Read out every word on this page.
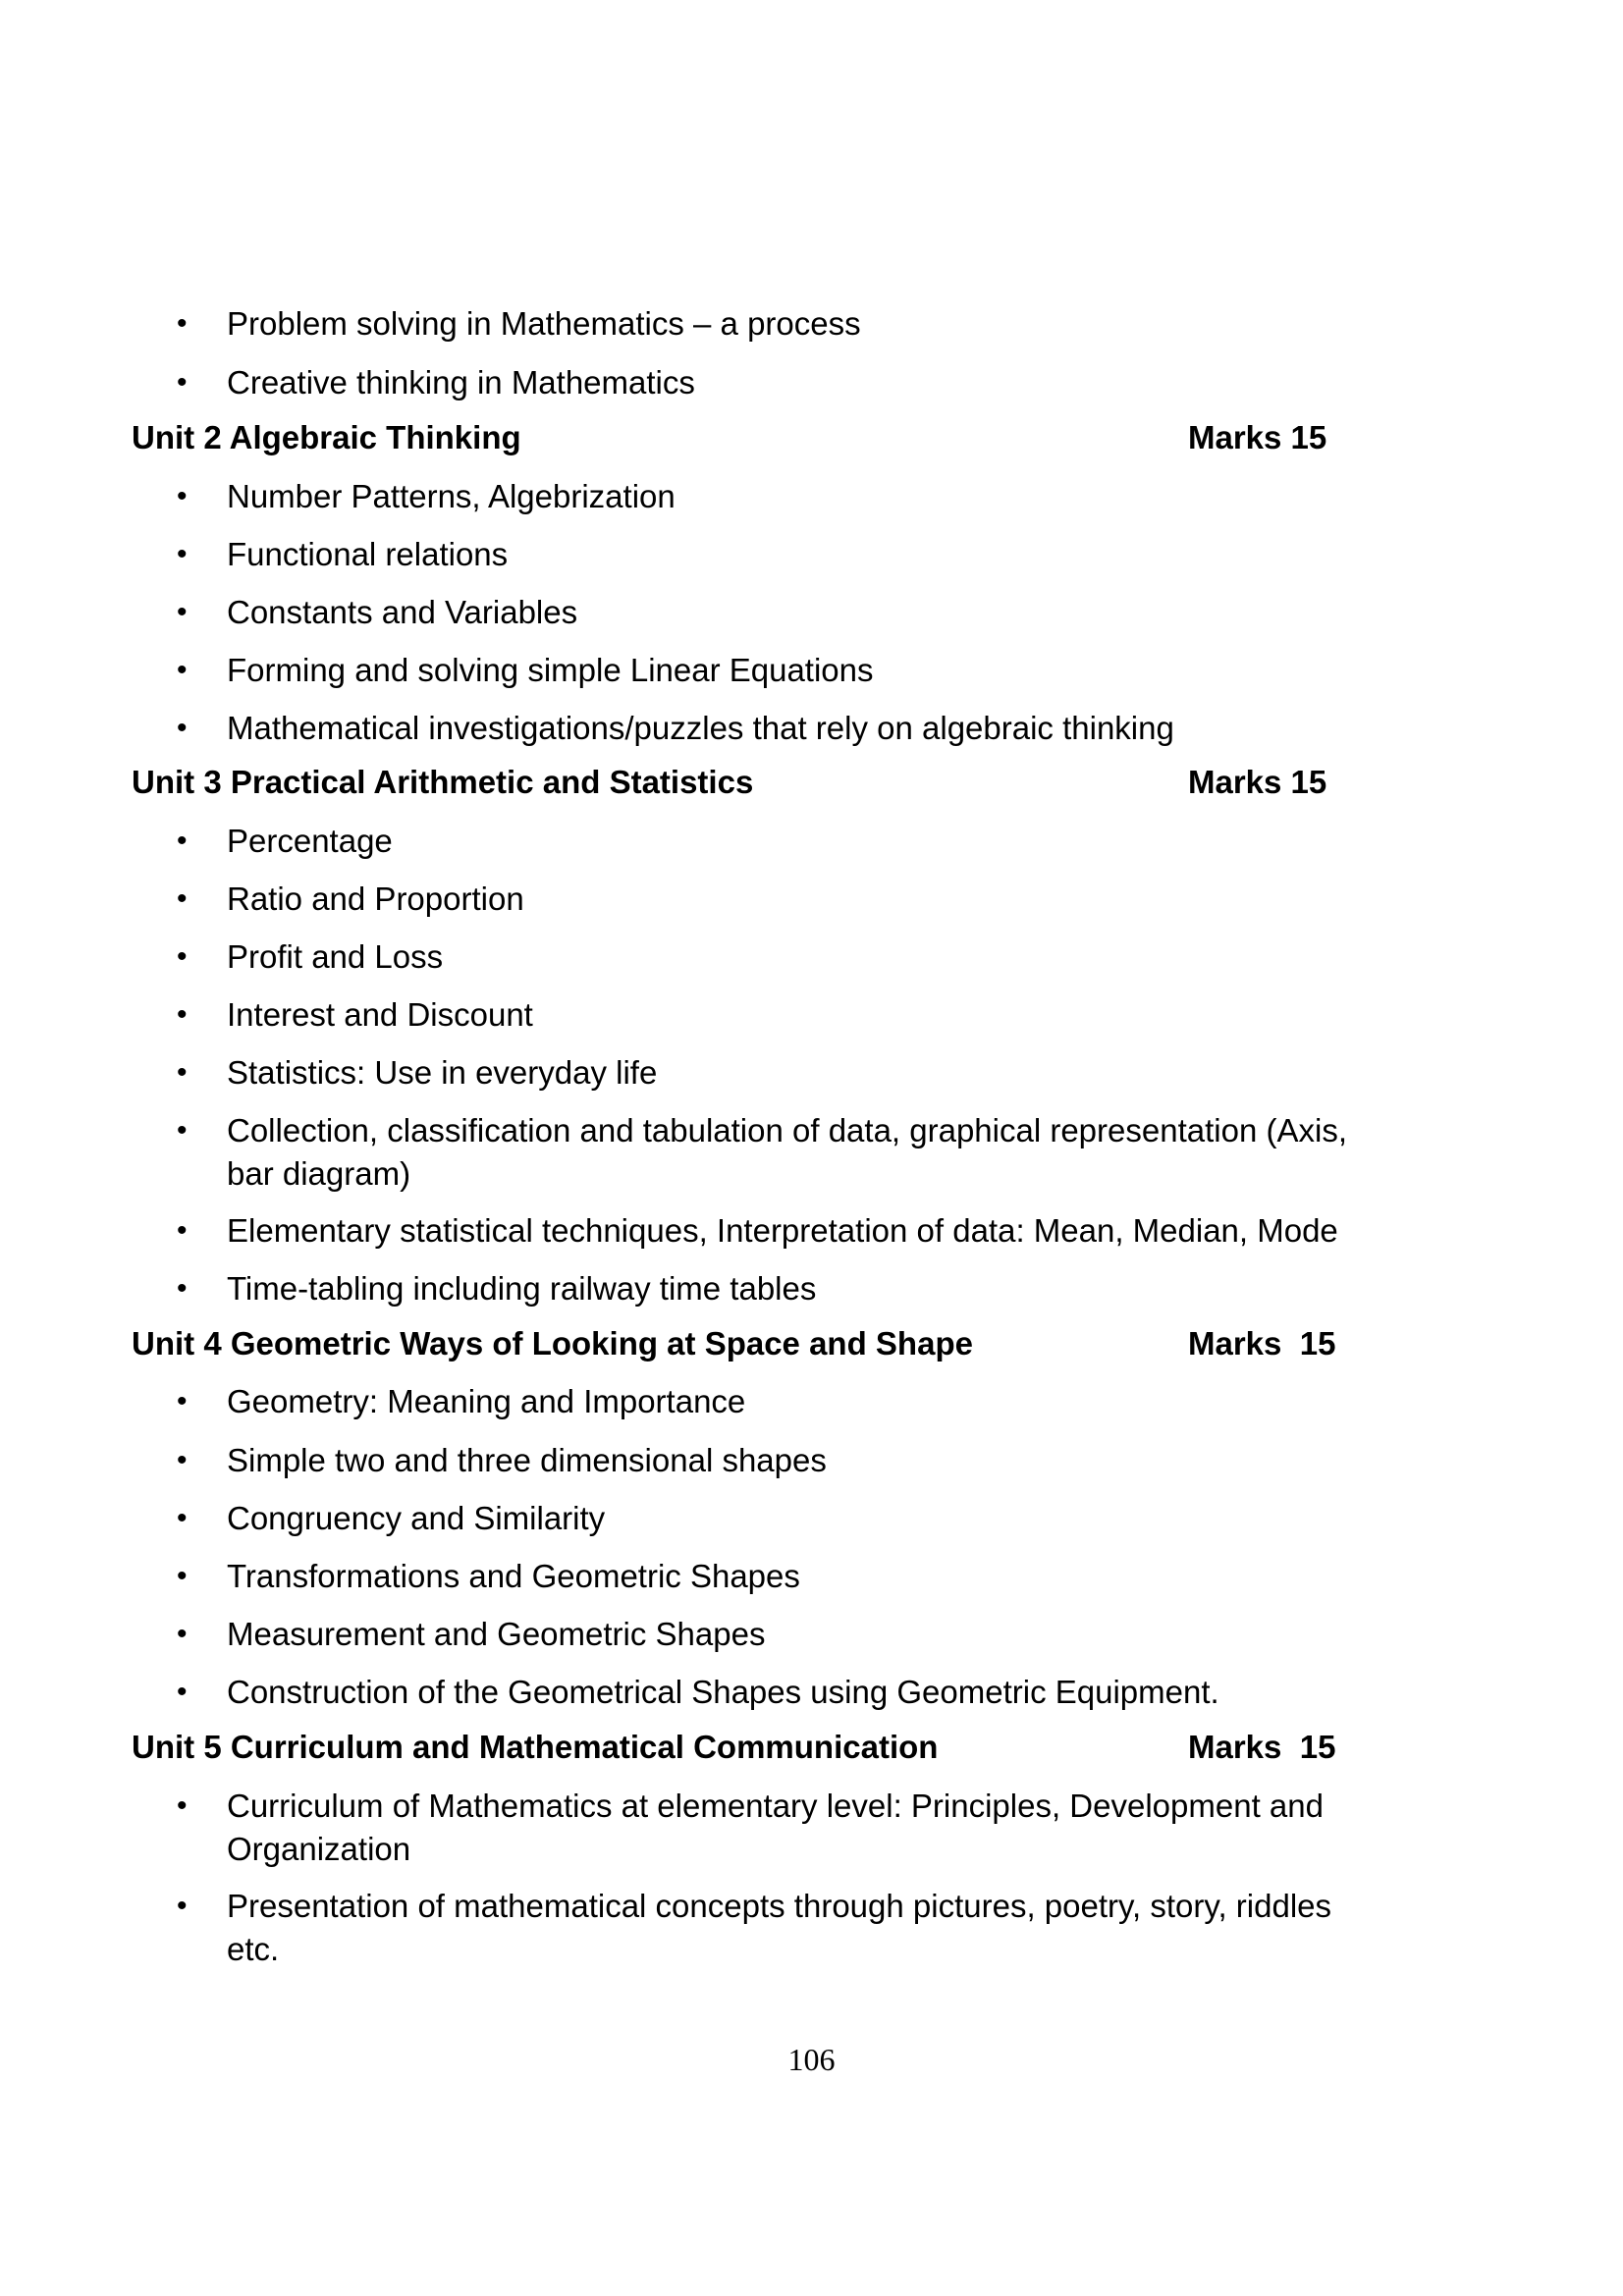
•	Problem solving in Mathematics – a process
•	Creative thinking in Mathematics
Unit 2 Algebraic Thinking	Marks 15
•	Number Patterns, Algebrization
•	Functional relations
•	Constants and Variables
•	Forming and solving simple Linear Equations
•	Mathematical investigations/puzzles that rely on algebraic thinking
Unit 3 Practical Arithmetic and Statistics	Marks 15
•	Percentage
•	Ratio and Proportion
•	Profit and Loss
•	Interest and Discount
•	Statistics: Use in everyday life
•	Collection, classification and tabulation of data, graphical representation (Axis, bar diagram)
•	Elementary statistical techniques, Interpretation of data: Mean, Median, Mode
•	Time-tabling including railway time tables
Unit 4 Geometric Ways of Looking at Space and Shape	Marks  15
•	Geometry: Meaning and Importance
•	Simple two and three dimensional shapes
•	Congruency and Similarity
•	Transformations and Geometric Shapes
•	Measurement and Geometric Shapes
•	Construction of the Geometrical Shapes using Geometric Equipment.
Unit 5 Curriculum and Mathematical Communication	Marks  15
•	Curriculum of Mathematics at elementary level: Principles, Development and Organization
•	Presentation of mathematical concepts through pictures, poetry, story, riddles etc.
106
